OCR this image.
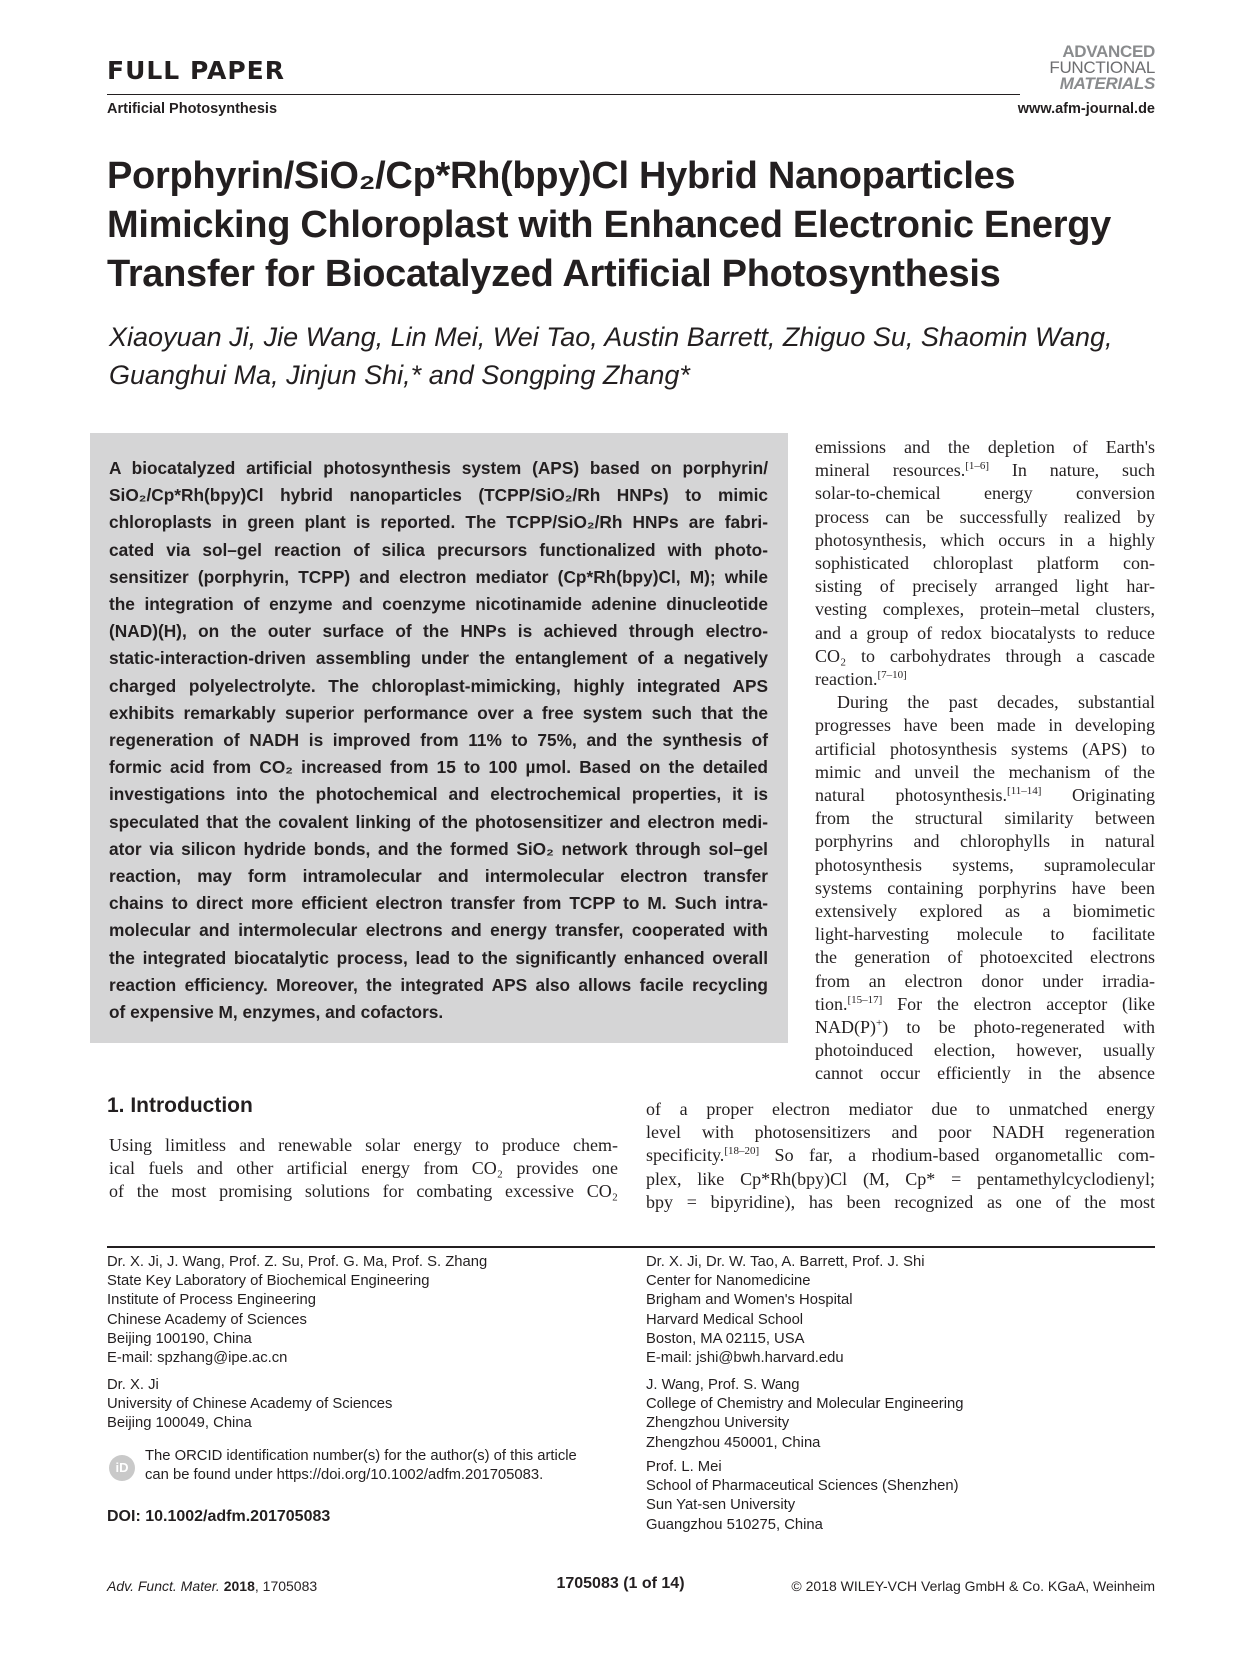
FULL PAPER
Artificial Photosynthesis
ADVANCED
FUNCTIONAL
MATERIALS
www.afm-journal.de
Porphyrin/SiO₂/Cp*Rh(bpy)Cl Hybrid Nanoparticles
Mimicking Chloroplast with Enhanced Electronic Energy
Transfer for Biocatalyzed Artificial Photosynthesis
Xiaoyuan Ji, Jie Wang, Lin Mei, Wei Tao, Austin Barrett, Zhiguo Su, Shaomin Wang,
Guanghui Ma, Jinjun Shi,* and Songping Zhang*
A biocatalyzed artificial photosynthesis system (APS) based on porphyrin/
SiO₂/Cp*Rh(bpy)Cl hybrid nanoparticles (TCPP/SiO₂/Rh HNPs) to mimic
chloroplasts in green plant is reported. The TCPP/SiO₂/Rh HNPs are fabri-
cated via sol–gel reaction of silica precursors functionalized with photo-
sensitizer (porphyrin, TCPP) and electron mediator (Cp*Rh(bpy)Cl, M); while
the integration of enzyme and coenzyme nicotinamide adenine dinucleotide
(NAD)(H), on the outer surface of the HNPs is achieved through electro-
static-interaction-driven assembling under the entanglement of a negatively
charged polyelectrolyte. The chloroplast-mimicking, highly integrated APS
exhibits remarkably superior performance over a free system such that the
regeneration of NADH is improved from 11% to 75%, and the synthesis of
formic acid from CO₂ increased from 15 to 100 µmol. Based on the detailed
investigations into the photochemical and electrochemical properties, it is
speculated that the covalent linking of the photosensitizer and electron medi-
ator via silicon hydride bonds, and the formed SiO₂ network through sol–gel
reaction, may form intramolecular and intermolecular electron transfer
chains to direct more efficient electron transfer from TCPP to M. Such intra-
molecular and intermolecular electrons and energy transfer, cooperated with
the integrated biocatalytic process, lead to the significantly enhanced overall
reaction efficiency. Moreover, the integrated APS also allows facile recycling
of expensive M, enzymes, and cofactors.
1. Introduction
iD
The ORCID identification number(s) for the author(s) of this article
can be found under https://doi.org/10.1002/adfm.201705083.
DOI: 10.1002/adfm.201705083
Adv. Funct. Mater. 2018, 1705083	1705083 (1 of 14)	© 2018 WILEY-VCH Verlag GmbH & Co. KGaA, Weinheim
emissions and the depletion of Earth's
mineral resources.[1–6] In nature, such
solar-to-chemical energy conversion
process can be successfully realized by
photosynthesis, which occurs in a highly
sophisticated chloroplast platform con-
sisting of precisely arranged light har-
vesting complexes, protein–metal clusters,
and a group of redox biocatalysts to reduce
CO₂ to carbohydrates through a cascade
reaction.[7–10]
During the past decades, substantial
progresses have been made in developing
artificial photosynthesis systems (APS) to
mimic and unveil the mechanism of the
natural photosynthesis.[11–14] Originating
from the structural similarity between
porphyrins and chlorophylls in natural
photosynthesis systems, supramolecular
systems containing porphyrins have been
extensively explored as a biomimetic
light-harvesting molecule to facilitate
the generation of photoexcited electrons
from an electron donor under irradia-
tion.[15–17] For the electron acceptor (like
NAD(P)+) to be photo-regenerated with
photoinduced election, however, usually
cannot occur efficiently in the absence
of a proper electron mediator due to unmatched energy
level with photosensitizers and poor NADH regeneration
specificity.[18–20] So far, a rhodium-based organometallic com-
plex, like Cp*Rh(bpy)Cl (M, Cp* = pentamethylcyclodienyl;
bpy = bipyridine), has been recognized as one of the most
Using limitless and renewable solar energy to produce chem-
ical fuels and other artificial energy from CO₂ provides one
of the most promising solutions for combating excessive CO₂
Dr. X. Ji, J. Wang, Prof. Z. Su, Prof. G. Ma, Prof. S. Zhang
State Key Laboratory of Biochemical Engineering
Institute of Process Engineering
Chinese Academy of Sciences
Beijing 100190, China
E-mail: spzhang@ipe.ac.cn
Dr. X. Ji
University of Chinese Academy of Sciences
Beijing 100049, China
Dr. X. Ji, Dr. W. Tao, A. Barrett, Prof. J. Shi
Center for Nanomedicine
Brigham and Women's Hospital
Harvard Medical School
Boston, MA 02115, USA
E-mail: jshi@bwh.harvard.edu
J. Wang, Prof. S. Wang
College of Chemistry and Molecular Engineering
Zhengzhou University
Zhengzhou 450001, China
Prof. L. Mei
School of Pharmaceutical Sciences (Shenzhen)
Sun Yat-sen University
Guangzhou 510275, China
